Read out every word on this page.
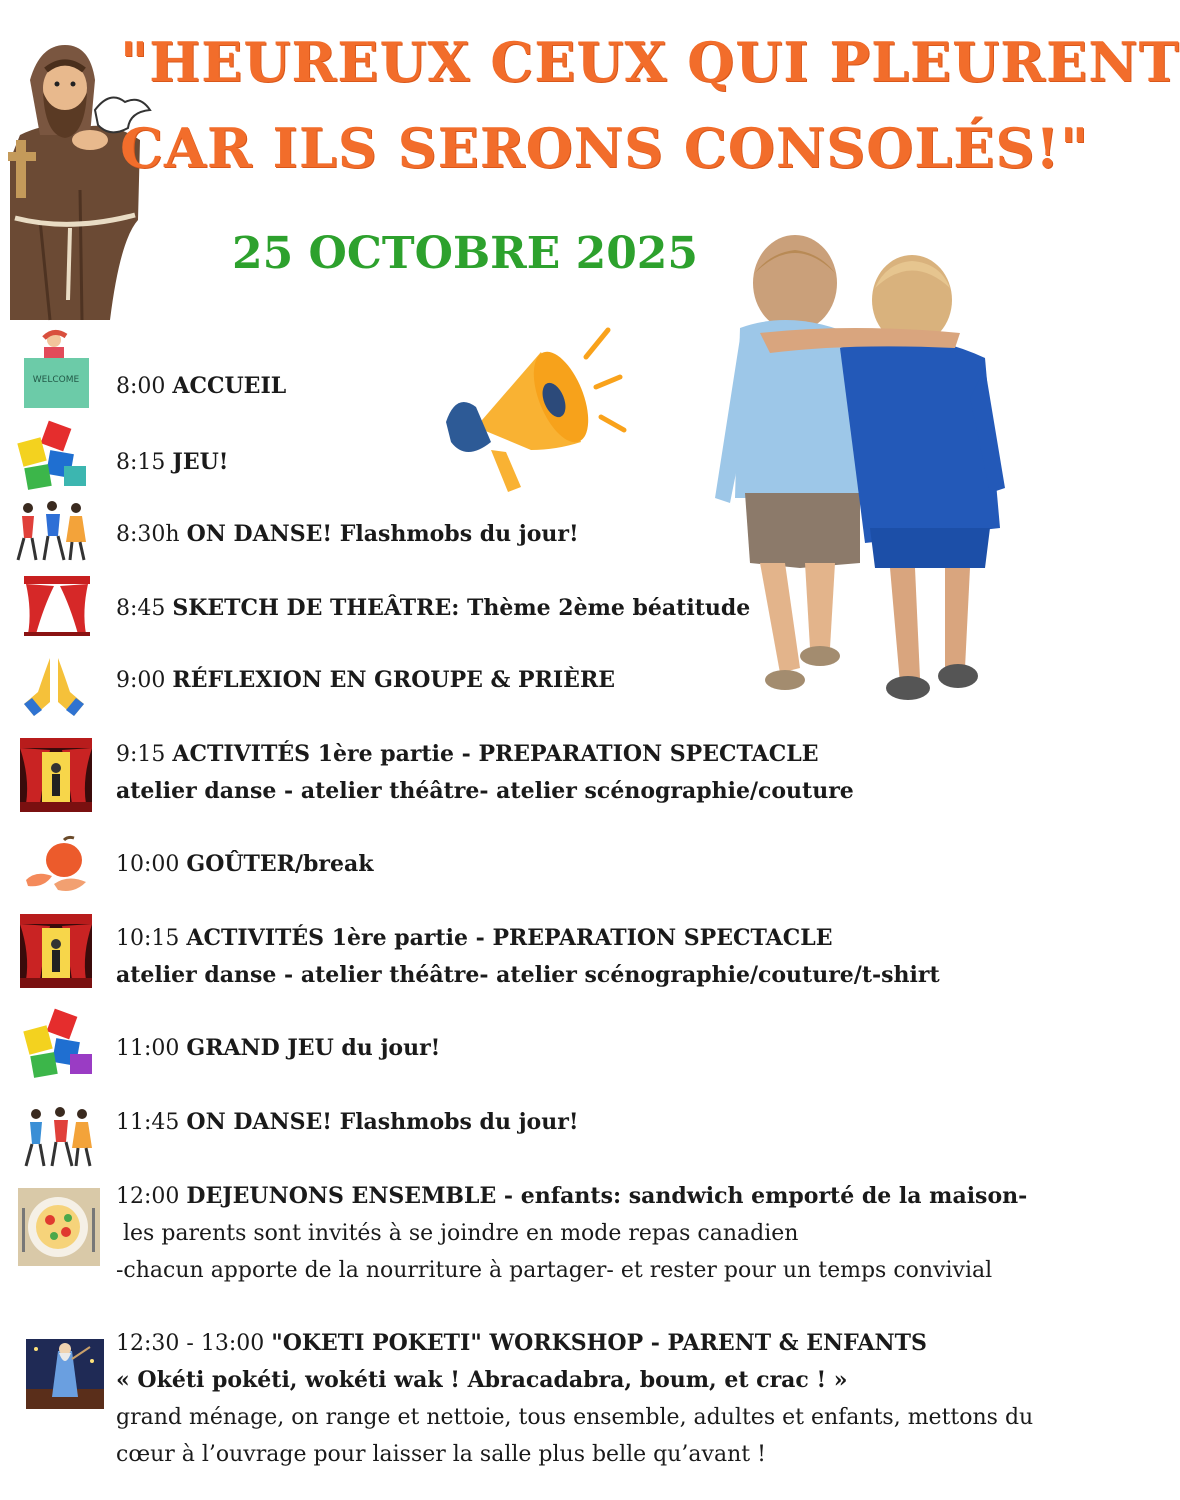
"HEUREUX CEUX QUI PLEURENT
CAR ILS SERONS CONSOLÉS!"
25 OCTOBRE 2025
WELCOME 8:00 ACCUEIL

8:15 JEU!

8:30h ON DANSE! Flashmobs du jour!

8:45 SKETCH DE THEÂTRE: Thème 2ème béatitude

9:00 RÉFLEXION EN GROUPE & PRIÈRE

9:15 ACTIVITÉS 1ère partie - PREPARATION SPECTACLE

atelier danse - atelier théâtre- atelier scénographie/couture

10:00 GOÛTER/break

10:15 ACTIVITÉS 1ère partie - PREPARATION SPECTACLE

atelier danse - atelier théâtre- atelier scénographie/couture/t-shirt

11:00 GRAND JEU du jour!

11:45 ON DANSE! Flashmobs du jour!

12:00 DEJEUNONS ENSEMBLE - enfants: sandwich emporté de la maison-

les parents sont invités à se joindre en mode repas canadien

-chacun apporte de la nourriture à partager- et rester pour un temps convivial

12:30 - 13:00 "OKETI POKETI" WORKSHOP - PARENT & ENFANTS

« Okéti pokéti, wokéti wak ! Abracadabra, boum, et crac ! »

grand ménage, on range et nettoie, tous ensemble, adultes et enfants, mettons du cœur à l’ouvrage pour laisser la salle plus belle qu’avant !
